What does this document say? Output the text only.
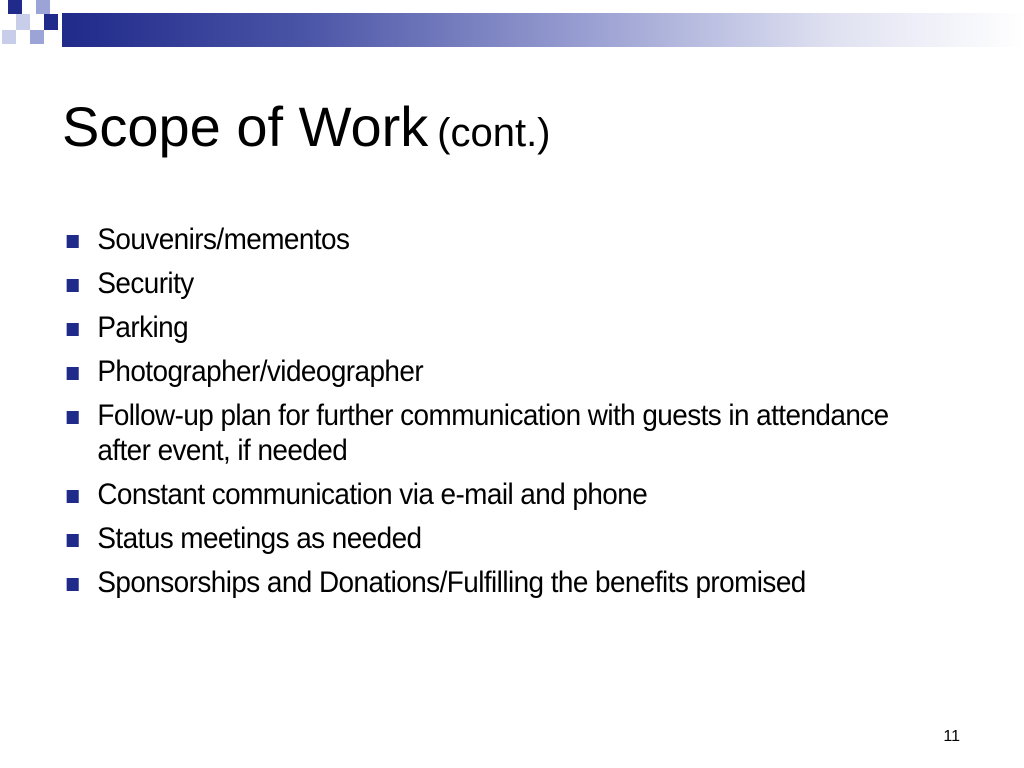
Scope of Work (cont.)
Souvenirs/mementos
Security
Parking
Photographer/videographer
Follow-up plan for further communication with guests in attendance after event, if needed
Constant communication via e-mail and phone
Status meetings as needed
Sponsorships and Donations/Fulfilling the benefits promised
11
